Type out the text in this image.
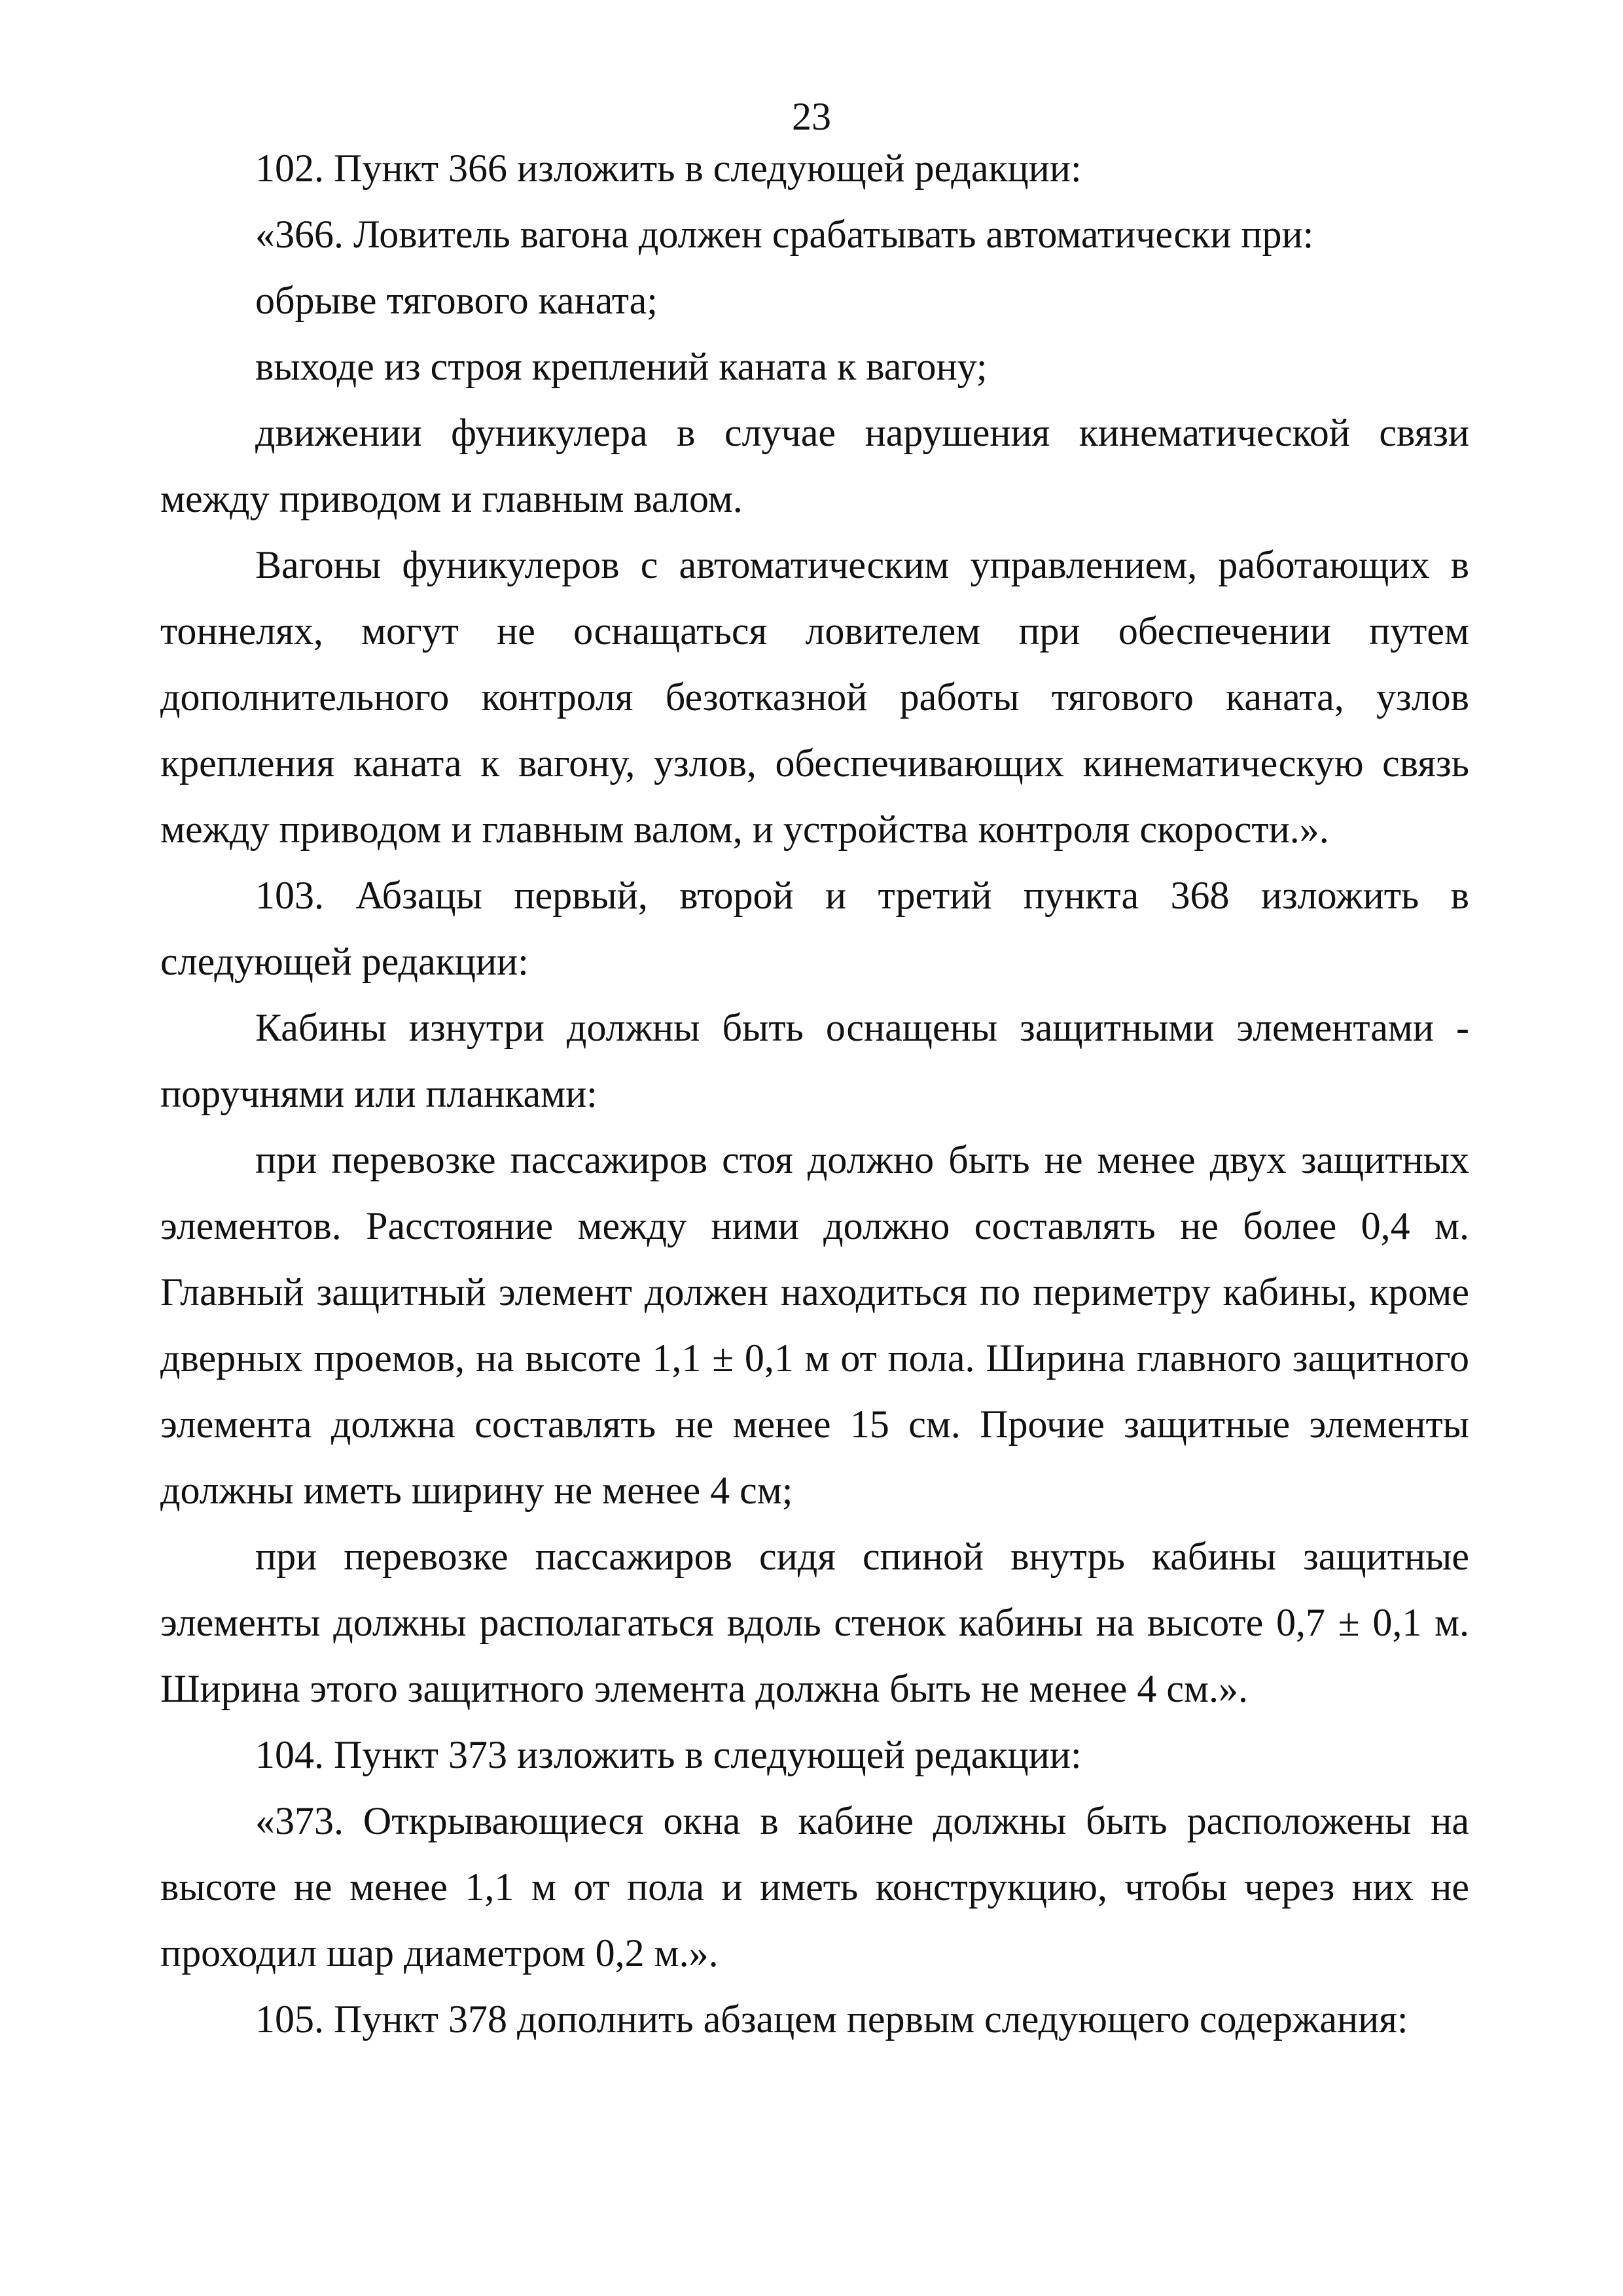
23

102. Пункт 366 изложить в следующей редакции:

«366. Ловитель вагона должен срабатывать автоматически при:

обрыве тягового каната;

выходе из строя креплений каната к вагону;

движении фуникулера в случае нарушения кинематической связи между приводом и главным валом.

Вагоны фуникулеров с автоматическим управлением, работающих в тоннелях, могут не оснащаться ловителем при обеспечении путем дополнительного контроля безотказной работы тягового каната, узлов крепления каната к вагону, узлов, обеспечивающих кинематическую связь между приводом и главным валом, и устройства контроля скорости.».

103. Абзацы первый, второй и третий пункта 368 изложить в следующей редакции:

Кабины изнутри должны быть оснащены защитными элементами - поручнями или планками:

при перевозке пассажиров стоя должно быть не менее двух защитных элементов. Расстояние между ними должно составлять не более 0,4 м. Главный защитный элемент должен находиться по периметру кабины, кроме дверных проемов, на высоте 1,1 ± 0,1 м от пола. Ширина главного защитного элемента должна составлять не менее 15 см. Прочие защитные элементы должны иметь ширину не менее 4 см;

при перевозке пассажиров сидя спиной внутрь кабины защитные элементы должны располагаться вдоль стенок кабины на высоте 0,7 ± 0,1 м. Ширина этого защитного элемента должна быть не менее 4 см.».

104. Пункт 373 изложить в следующей редакции:

«373. Открывающиеся окна в кабине должны быть расположены на высоте не менее 1,1 м от пола и иметь конструкцию, чтобы через них не проходил шар диаметром 0,2 м.».

105. Пункт 378 дополнить абзацем первым следующего содержания:
